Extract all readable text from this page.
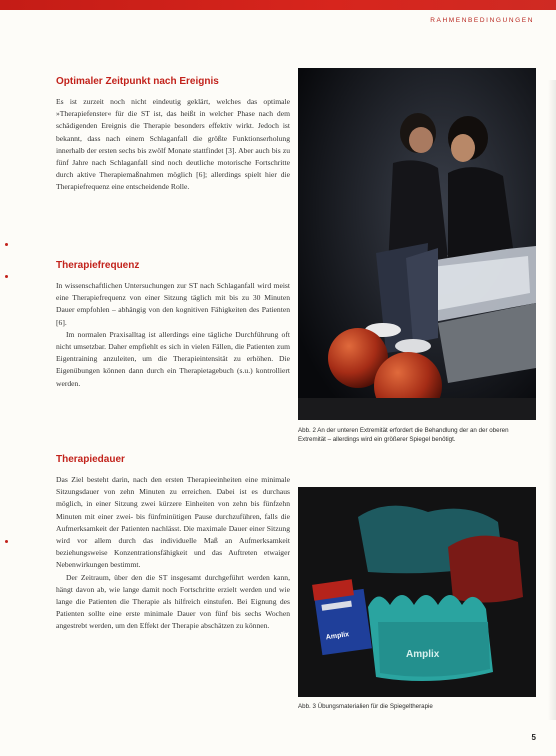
RAHMENBEDINGUNGEN
Optimaler Zeitpunkt nach Ereignis

Es ist zurzeit noch nicht eindeutig geklärt, welches das optimale »Therapiefenster« für die ST ist, das heißt in welcher Phase nach dem schädigenden Ereignis die Therapie besonders effektiv wirkt. Jedoch ist bekannt, dass nach einem Schlaganfall die größte Funktionserholung innerhalb der ersten sechs bis zwölf Monate stattfindet [3]. Aber auch bis zu fünf Jahre nach Schlaganfall sind noch deutliche motorische Fortschritte durch aktive Therapiemaßnahmen möglich [6]; allerdings spielt hier die Therapiefrequenz eine entscheidende Rolle.

Therapiefrequenz

In wissenschaftlichen Untersuchungen zur ST nach Schlaganfall wird meist eine Therapiefrequenz von einer Sitzung täglich mit bis zu 30 Minuten Dauer empfohlen – abhängig von den kognitiven Fähigkeiten des Patienten [6].

Im normalen Praxisalltag ist allerdings eine tägliche Durchführung oft nicht umsetzbar. Daher empfiehlt es sich in vielen Fällen, die Patienten zum Eigentraining anzuleiten, um die Therapieintensität zu erhöhen. Die Eigenübungen können dann durch ein Therapietagebuch (s.u.) kontrolliert werden.

Therapiedauer

Das Ziel besteht darin, nach den ersten Therapieeinheiten eine minimale Sitzungsdauer von zehn Minuten zu erreichen. Dabei ist es durchaus möglich, in einer Sitzung zwei kürzere Einheiten von zehn bis fünfzehn Minuten mit einer zwei- bis fünfminütigen Pause durchzuführen, falls die Aufmerksamkeit der Patienten nachlässt. Die maximale Dauer einer Sitzung wird vor allem durch das individuelle Maß an Aufmerksamkeit beziehungsweise Konzentrationsfähigkeit und das Auftreten etwaiger Nebenwirkungen bestimmt.

Der Zeitraum, über den die ST insgesamt durchgeführt werden kann, hängt davon ab, wie lange damit noch Fortschritte erzielt werden und wie lange die Patienten die Therapie als hilfreich einstufen. Bei Eignung des Patienten sollte eine erste minimale Dauer von fünf bis sechs Wochen angestrebt werden, um den Effekt der Therapie abschätzen zu können.

Abb. 2 An der unteren Extremität erfordert die Behandlung der an der oberen Extremität – allerdings wird ein größerer Spiegel benötigt.
Amplix
Amplix
Abb. 3 Übungsmaterialien für die Spiegeltherapie
5
